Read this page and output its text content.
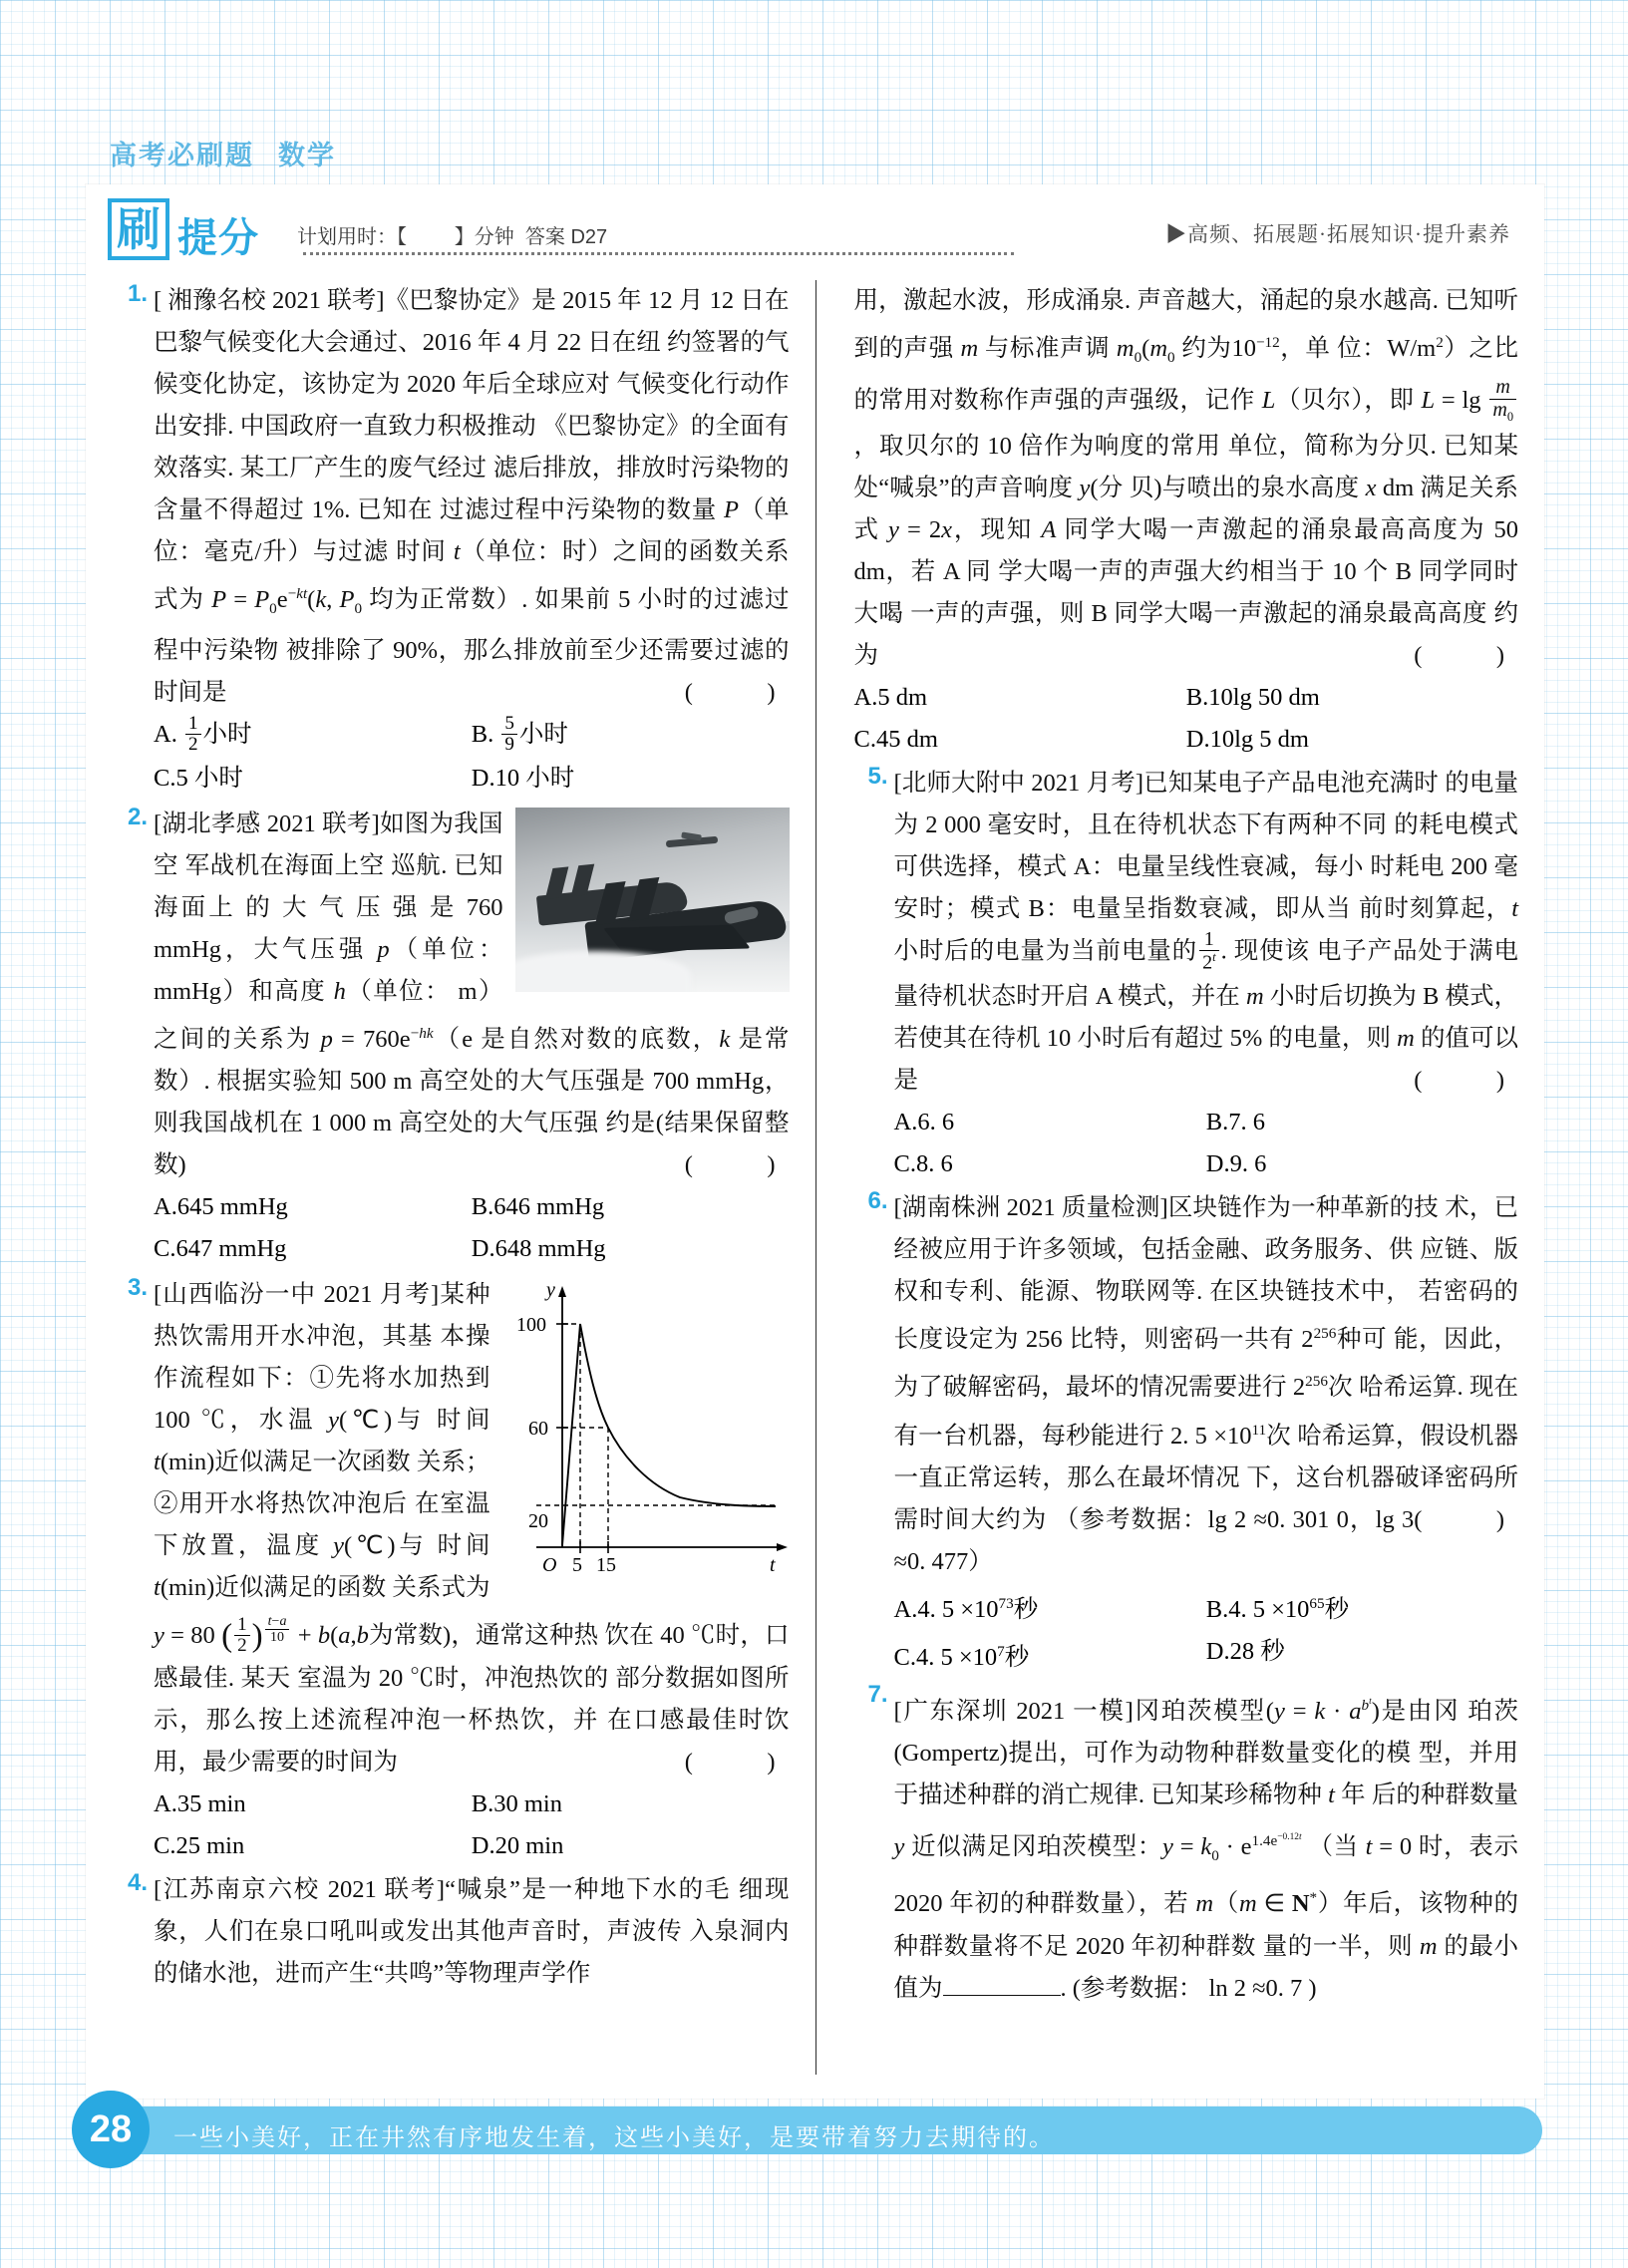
高考必刷题 数学
刷 提分 计划用时：【 】分钟 答案 D27	▶高频、拓展题·拓展知识·提升素养
1. [ 湘豫名校 2021 联考]《巴黎协定》是 2015 年 12 月 12 日在巴黎气候变化大会通过、2016 年 4 月 22 日在纽 约签署的气候变化协定，该协定为 2020 年后全球应对 气候变化行动作出安排. 中国政府一直致力积极推动 《巴黎协定》的全面有效落实. 某工厂产生的废气经过 滤后排放，排放时污染物的含量不得超过 1%. 已知在 过滤过程中污染物的数量 P（单位：毫克/升）与过滤 时间 t（单位：时）之间的函数关系式为 $P = P_0e^{-kt}(k$, $P_0$ 均为正常数）. 如果前 5 小时的过滤过程中污染物 被排除了 90%，那么排放前至少还需要过滤的时间是	(   )
A. $\frac{1}{2}$ 小时	B. $\frac{5}{9}$ 小时
C.5 小时	D.10 小时
2. [湖北孝感 2021 联考]如图为我国空 军战机在海面上空 巡航. 已知海面上 的 大 气 压 强 是 760 mmHg，大气压强 p（单位：mmHg）和高度 h（单位： m）之间的关系为 $p = 760e^{-hk}(e$ 是自然对数的底数，k 是常数）. 根据实验知 500 m 高空处的大气压强是 700 mmHg，则我国战机在 1 000 m 高空处的大气压强 约是(结果保留整数)	(   )
A.645 mmHg	B.646 mmHg
C.647 mmHg	D.648 mmHg
3.	y
t
100
60
20
O 5 15
[山西临汾一中 2021 月考]某种热饮需用开水冲泡，其基 本操作流程如下：①先将水加热到 100 ℃，水温 y(℃)与 时间 t(min)近似满足一次函数 关系；②用开水将热饮冲泡后 在室温下放置，温度 y(℃)与 时间 t(min)近似满足的函数 关系式为 y = 80 ( $\frac{1}{2}$ ) $^{\frac{t-a}{10}}$ + b(a,b为常数)，通常这种热 饮在 40 ℃时，口感最佳. 某天 室温为 20 ℃时，冲泡热饮的 部分数据如图所示，那么按上述流程冲泡一杯热饮，并 在口感最佳时饮用，最少需要的时间为	(   )
A.35 min	B.30 min
C.25 min	D.20 min
4. [江苏南京六校 2021 联考]“喊泉”是一种地下水的毛 细现象，人们在泉口吼叫或发出其他声音时，声波传 入泉洞内的储水池，进而产生“共鸣”等物理声学作
用，激起水波，形成涌泉. 声音越大，涌起的泉水越高. 已知听到的声强 m 与标准声调 $m_0(m_0$ 约为$10^{-12}$，单 位：$W/m^2$）之比的常用对数称作声强的声强级，记作 L（贝尔），即 $L = \lg \frac{m}{m_0}$
，取贝尔的 10 倍作为响度的常用 单位，简称为分贝. 已知某处“喊泉”的声音响度 y(分 贝)与喷出的泉水高度 x dm 满足关系式 y = 2x，现知 A 同学大喝一声激起的涌泉最高高度为 50 dm，若 A 同 学大喝一声的声强大约相当于 10 个 B 同学同时大喝 一声的声强，则 B 同学大喝一声激起的涌泉最高高度 约为	(   )
A.5 dm	B.10lg 50 dm
C.45 dm	D.10lg 5 dm
5. [北师大附中 2021 月考]已知某电子产品电池充满时 的电量为 2 000 毫安时，且在待机状态下有两种不同 的耗电模式可供选择，模式 A：电量呈线性衰减，每小 时耗电 200 毫安时；模式 B：电量呈指数衰减，即从当 前时刻算起，t 小时后的电量为当前电量的 $\frac{1}{2^t}$ . 现使该 电子产品处于满电量待机状态时开启 A 模式，并在 m 小时后切换为 B 模式，若使其在待机 10 小时后有超过 5% 的电量，则 m 的值可以是	(   )
A.6. 6	B.7. 6
C.8. 6	D.9. 6
6. [湖南株洲 2021 质量检测]区块链作为一种革新的技 术，已经被应用于许多领域，包括金融、政务服务、供 应链、版权和专利、能源、物联网等. 在区块链技术中， 若密码的长度设定为 256 比特，则密码一共有 $2^{256}$种可 能，因此，为了破解密码，最坏的情况需要进行 $2^{256}$次 哈希运算. 现在有一台机器，每秒能进行 2. $5 \times 10^{11}$次 哈希运算，假设机器一直正常运转，那么在最坏情况 下，这台机器破译密码所需时间大约为	(   )
（参考数据：lg 2 ≈0. 301 0，lg 3 ≈0. 477）
A.4. $5 \times 10^{73}$秒	B.4. $5 \times 10^{65}$秒
C.4. $5 \times 10^7$秒	D.28 秒
7.
[广东深圳 2021 一模]冈珀茨模型$(y = k \cdot a^{b^t})$是由冈 珀茨(Gompertz)提出，可作为动物种群数量变化的模 型，并用于描述种群的消亡规律. 已知某珍稀物种 t 年 后的种群数量 y 近似满足冈珀茨模型：$y = k_0 \cdot e^{1.4e^{-0.12t}}$ （当 t = 0 时，表示 2020 年初的种群数量），若 m（m ∈ N*）年后，该物种的种群数量将不足 2020 年初种群数 量的一半，则 m 的最小值为	. (参考数据： ln 2 ≈0. 7 )
28	一些小美好，正在井然有序地发生着，这些小美好，是要带着努力去期待的。
